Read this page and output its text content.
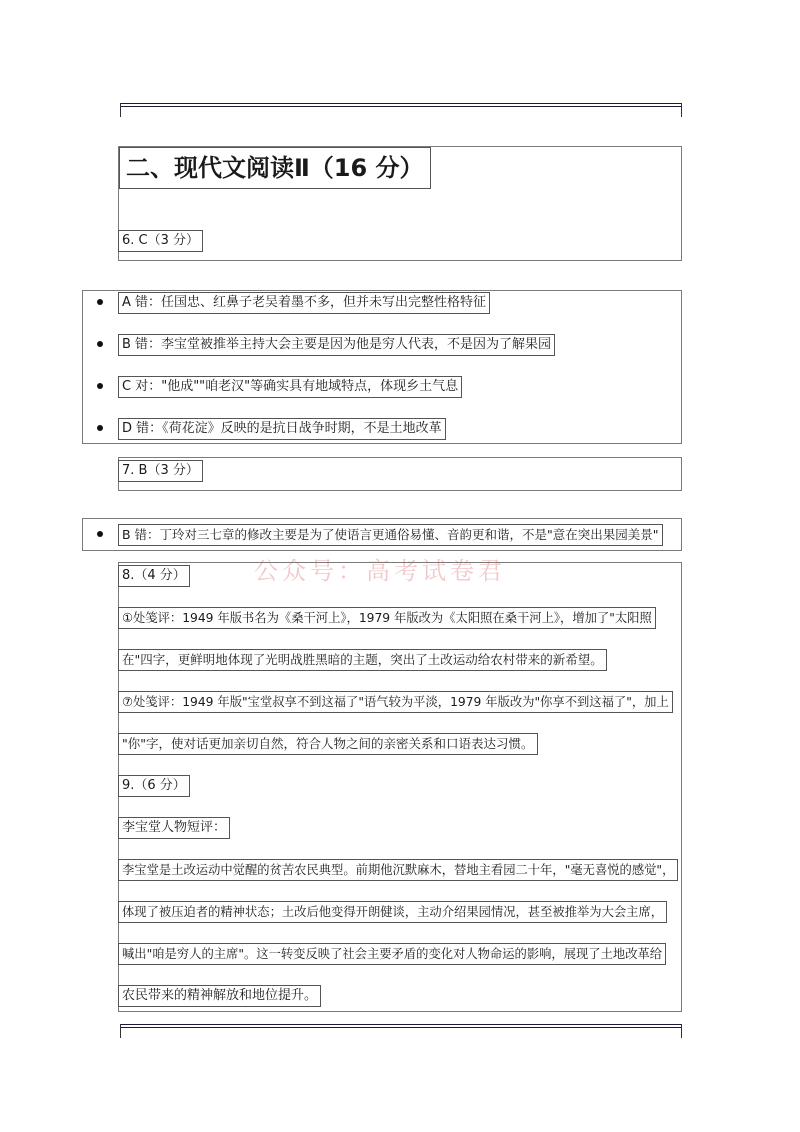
二、现代文阅读Ⅱ（16 分）
6. C（3 分）
A 错：任国忠、红鼻子老吴着墨不多，但并未写出完整性格特征
B 错：李宝堂被推举主持大会主要是因为他是穷人代表，不是因为了解果园
C 对："他成""咱老汉"等确实具有地域特点，体现乡土气息
D 错：《荷花淀》反映的是抗日战争时期，不是土地改革
7. B（3 分）
B 错：丁玲对三七章的修改主要是为了使语言更通俗易懂、音韵更和谐，不是"意在突出果园美景"
公众号：高考试卷君
8.（4 分）
①处笺评：1949 年版书名为《桑干河上》，1979 年版改为《太阳照在桑干河上》，增加了"太阳照
在"四字，更鲜明地体现了光明战胜黑暗的主题，突出了土改运动给农村带来的新希望。
⑦处笺评：1949 年版"宝堂叔享不到这福了"语气较为平淡，1979 年版改为"你享不到这福了"，加上
"你"字，使对话更加亲切自然，符合人物之间的亲密关系和口语表达习惯。
9.（6 分）
李宝堂人物短评：
李宝堂是土改运动中觉醒的贫苦农民典型。前期他沉默麻木，替地主看园二十年，"毫无喜悦的感觉"，
体现了被压迫者的精神状态；土改后他变得开朗健谈，主动介绍果园情况，甚至被推举为大会主席，
喊出"咱是穷人的主席"。这一转变反映了社会主要矛盾的变化对人物命运的影响，展现了土地改革给
农民带来的精神解放和地位提升。
